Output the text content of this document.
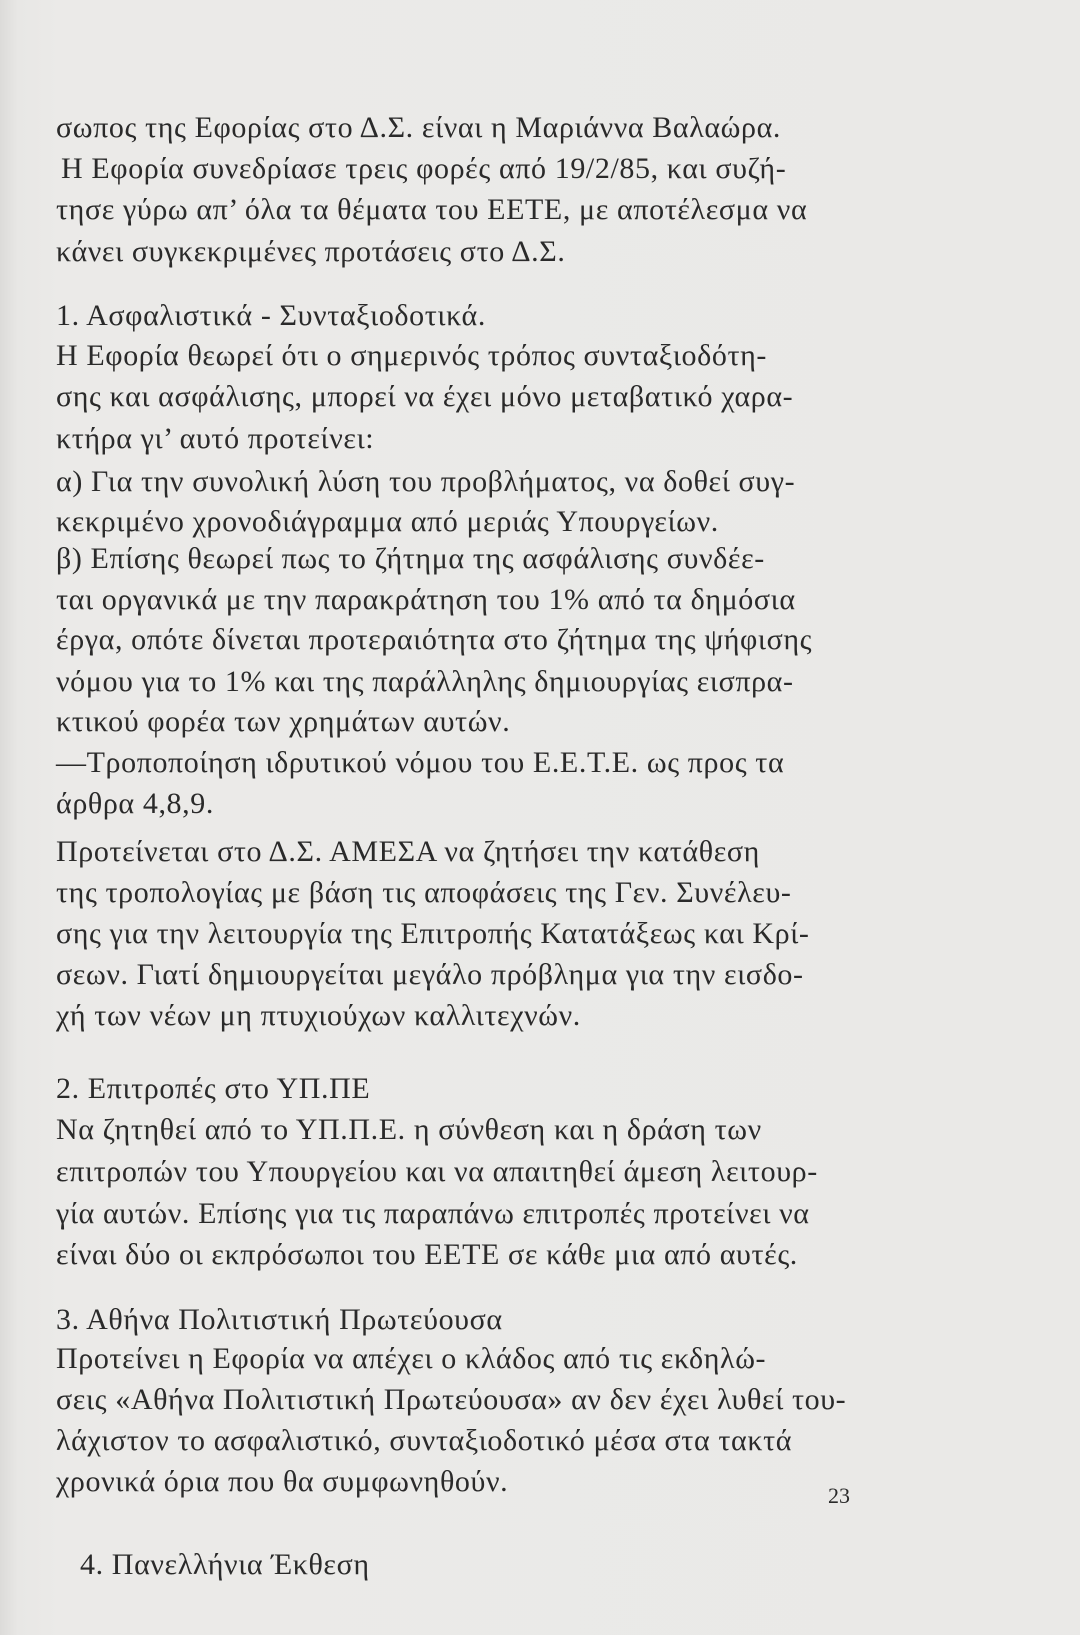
σωπος της Εφορίας στο Δ.Σ. είναι η Μαριάννα Βαλαώρα.
Η Εφορία συνεδρίασε τρεις φορές από 19/2/85, και συζή-
τησε γύρω απ’ όλα τα θέματα του ΕΕΤΕ, με αποτέλεσμα να
κάνει συγκεκριμένες προτάσεις στο Δ.Σ.
1. Ασφαλιστικά - Συνταξιοδοτικά.
Η Εφορία θεωρεί ότι ο σημερινός τρόπος συνταξιοδότη-
σης και ασφάλισης, μπορεί να έχει μόνο μεταβατικό χαρα-
κτήρα γι’ αυτό προτείνει:
α) Για την συνολική λύση του προβλήματος, να δοθεί συγ-
κεκριμένο χρονοδιάγραμμα από μεριάς Υπουργείων.
β) Επίσης θεωρεί πως το ζήτημα της ασφάλισης συνδέε-
ται οργανικά με την παρακράτηση του 1% από τα δημόσια
έργα, οπότε δίνεται προτεραιότητα στο ζήτημα της ψήφισης
νόμου για το 1% και της παράλληλης δημιουργίας εισπρα-
κτικού φορέα των χρημάτων αυτών.
—Τροποποίηση ιδρυτικού νόμου του Ε.Ε.Τ.Ε. ως προς τα
άρθρα 4,8,9.
Προτείνεται στο Δ.Σ. ΑΜΕΣΑ να ζητήσει την κατάθεση
της τροπολογίας με βάση τις αποφάσεις της Γεν. Συνέλευ-
σης για την λειτουργία της Επιτροπής Κατατάξεως και Κρί-
σεων. Γιατί δημιουργείται μεγάλο πρόβλημα για την εισδο-
χή των νέων μη πτυχιούχων καλλιτεχνών.
2. Επιτροπές στο ΥΠ.ΠΕ
Να ζητηθεί από το ΥΠ.Π.Ε. η σύνθεση και η δράση των
επιτροπών του Υπουργείου και να απαιτηθεί άμεση λειτουρ-
γία αυτών. Επίσης για τις παραπάνω επιτροπές προτείνει να
είναι δύο οι εκπρόσωποι του ΕΕΤΕ σε κάθε μια από αυτές.
3. Αθήνα Πολιτιστική Πρωτεύουσα
Προτείνει η Εφορία να απέχει ο κλάδος από τις εκδηλώ-
σεις «Αθήνα Πολιτιστική Πρωτεύουσα» αν δεν έχει λυθεί του-
λάχιστον το ασφαλιστικό, συνταξιοδοτικό μέσα στα τακτά
χρονικά όρια που θα συμφωνηθούν.
4. Πανελλήνια Έκθεση
23
